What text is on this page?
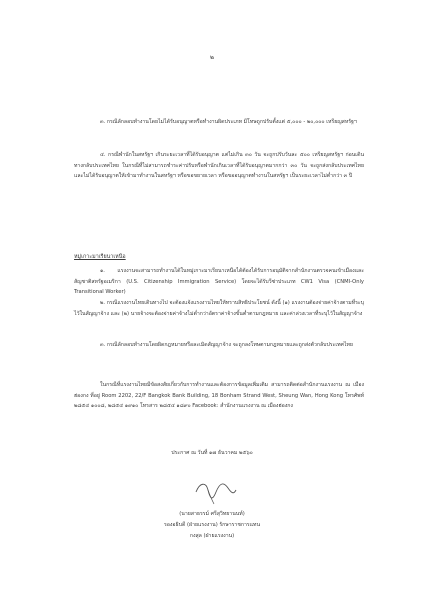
๒
๓. กรณีลักลอบทำงานโดยไม่ได้รับอนุญาตหรือทำงานผิดประเภท มีโทษถูกปรับตั้งแต่ ๕,๐๐๐ - ๒๐,๐๐๐ เหรียญสหรัฐฯ
๔. กรณีพำนักในสหรัฐฯ เกินระยะเวลาที่ได้รับอนุญาต แต่ไม่เกิน ๓๐ วัน จะถูกปรับวันละ ๕๐๐ เหรียญสหรัฐฯ ก่อนเดินทางกลับประเทศไทย ในกรณีที่ไม่สามารถชำระค่าปรับหรือพำนักเกินเวลาที่ได้รับอนุญาตมากกว่า ๓๐ วัน จะถูกส่งกลับประเทศไทยและไม่ได้รับอนุญาตให้เข้ามาทำงานในสหรัฐฯ หรือขอขยายเวลา หรือขออนุญาตทำงานในสหรัฐฯ เป็นระยะเวลาไม่ต่ำกว่า ๓ ปี
หมู่เกาะมาเรียนาเหนือ
๑. แรงงานจะสามารถทำงานได้ในหมู่เกาะมาเรียนาเหนือได้ต้องได้รับการอนุมัติจากสำนักงานตรวจคนเข้าเมืองและสัญชาติสหรัฐอเมริกา (U.S. Citizenship Immigration Service) โดยจะได้รับวีซ่าประเภท CW1 Visa (CNMI-Only Transitional Worker)
๒. กรณีแรงงานไทยเดินทางไป จะต้องแจ้งแรงงานไทยให้ทราบสิทธิประโยชน์ ดังนี้ (๑) แรงงานต้องจ่ายค่าจ้างตามที่ระบุไว้ในสัญญาจ้าง และ (๒) นายจ้างจะต้องจ่ายค่าจ้างไม่ต่ำกว่าอัตราค่าจ้างขั้นต่ำตามกฎหมาย และค่าล่วงเวลาที่ระบุไว้ในสัญญาจ้าง
๓. กรณีลักลอบทำงานโดยผิดกฎหมายหรือละเมิดสัญญาจ้าง จะถูกลงโทษตามกฎหมายและถูกส่งตัวกลับประเทศไทย
ในกรณีที่แรงงานไทยมีข้อสงสัยเกี่ยวกับการทำงานและต้องการข้อมูลเพิ่มเติม สามารถติดต่อสำนักงานแรงงาน ณ เมืองฮ่องกง ที่อยู่ Room 2202, 22/F Bangkok Bank Building, 18 Bonham Strand West, Sheung Wan, Hong Kong โทรศัพท์ ๒๘๕๔ ๑๐๐๘, ๒๘๕๔ ๑๙๑๐ โทรสาร ๒๘๕๔ ๑๘๙๐ Facebook: สำนักงานแรงงาน ณ เมืองฮ่องกง
ประกาศ ณ วันที่ ๑๗ ธันวาคม ๒๕๖๐
(นายสาธรรม์ ศรีสุวิทยานนท์)
รองอธิบดี (ฝ่ายแรงงาน) รักษาราชการแทน
กงสุล (ฝ่ายแรงงาน)
